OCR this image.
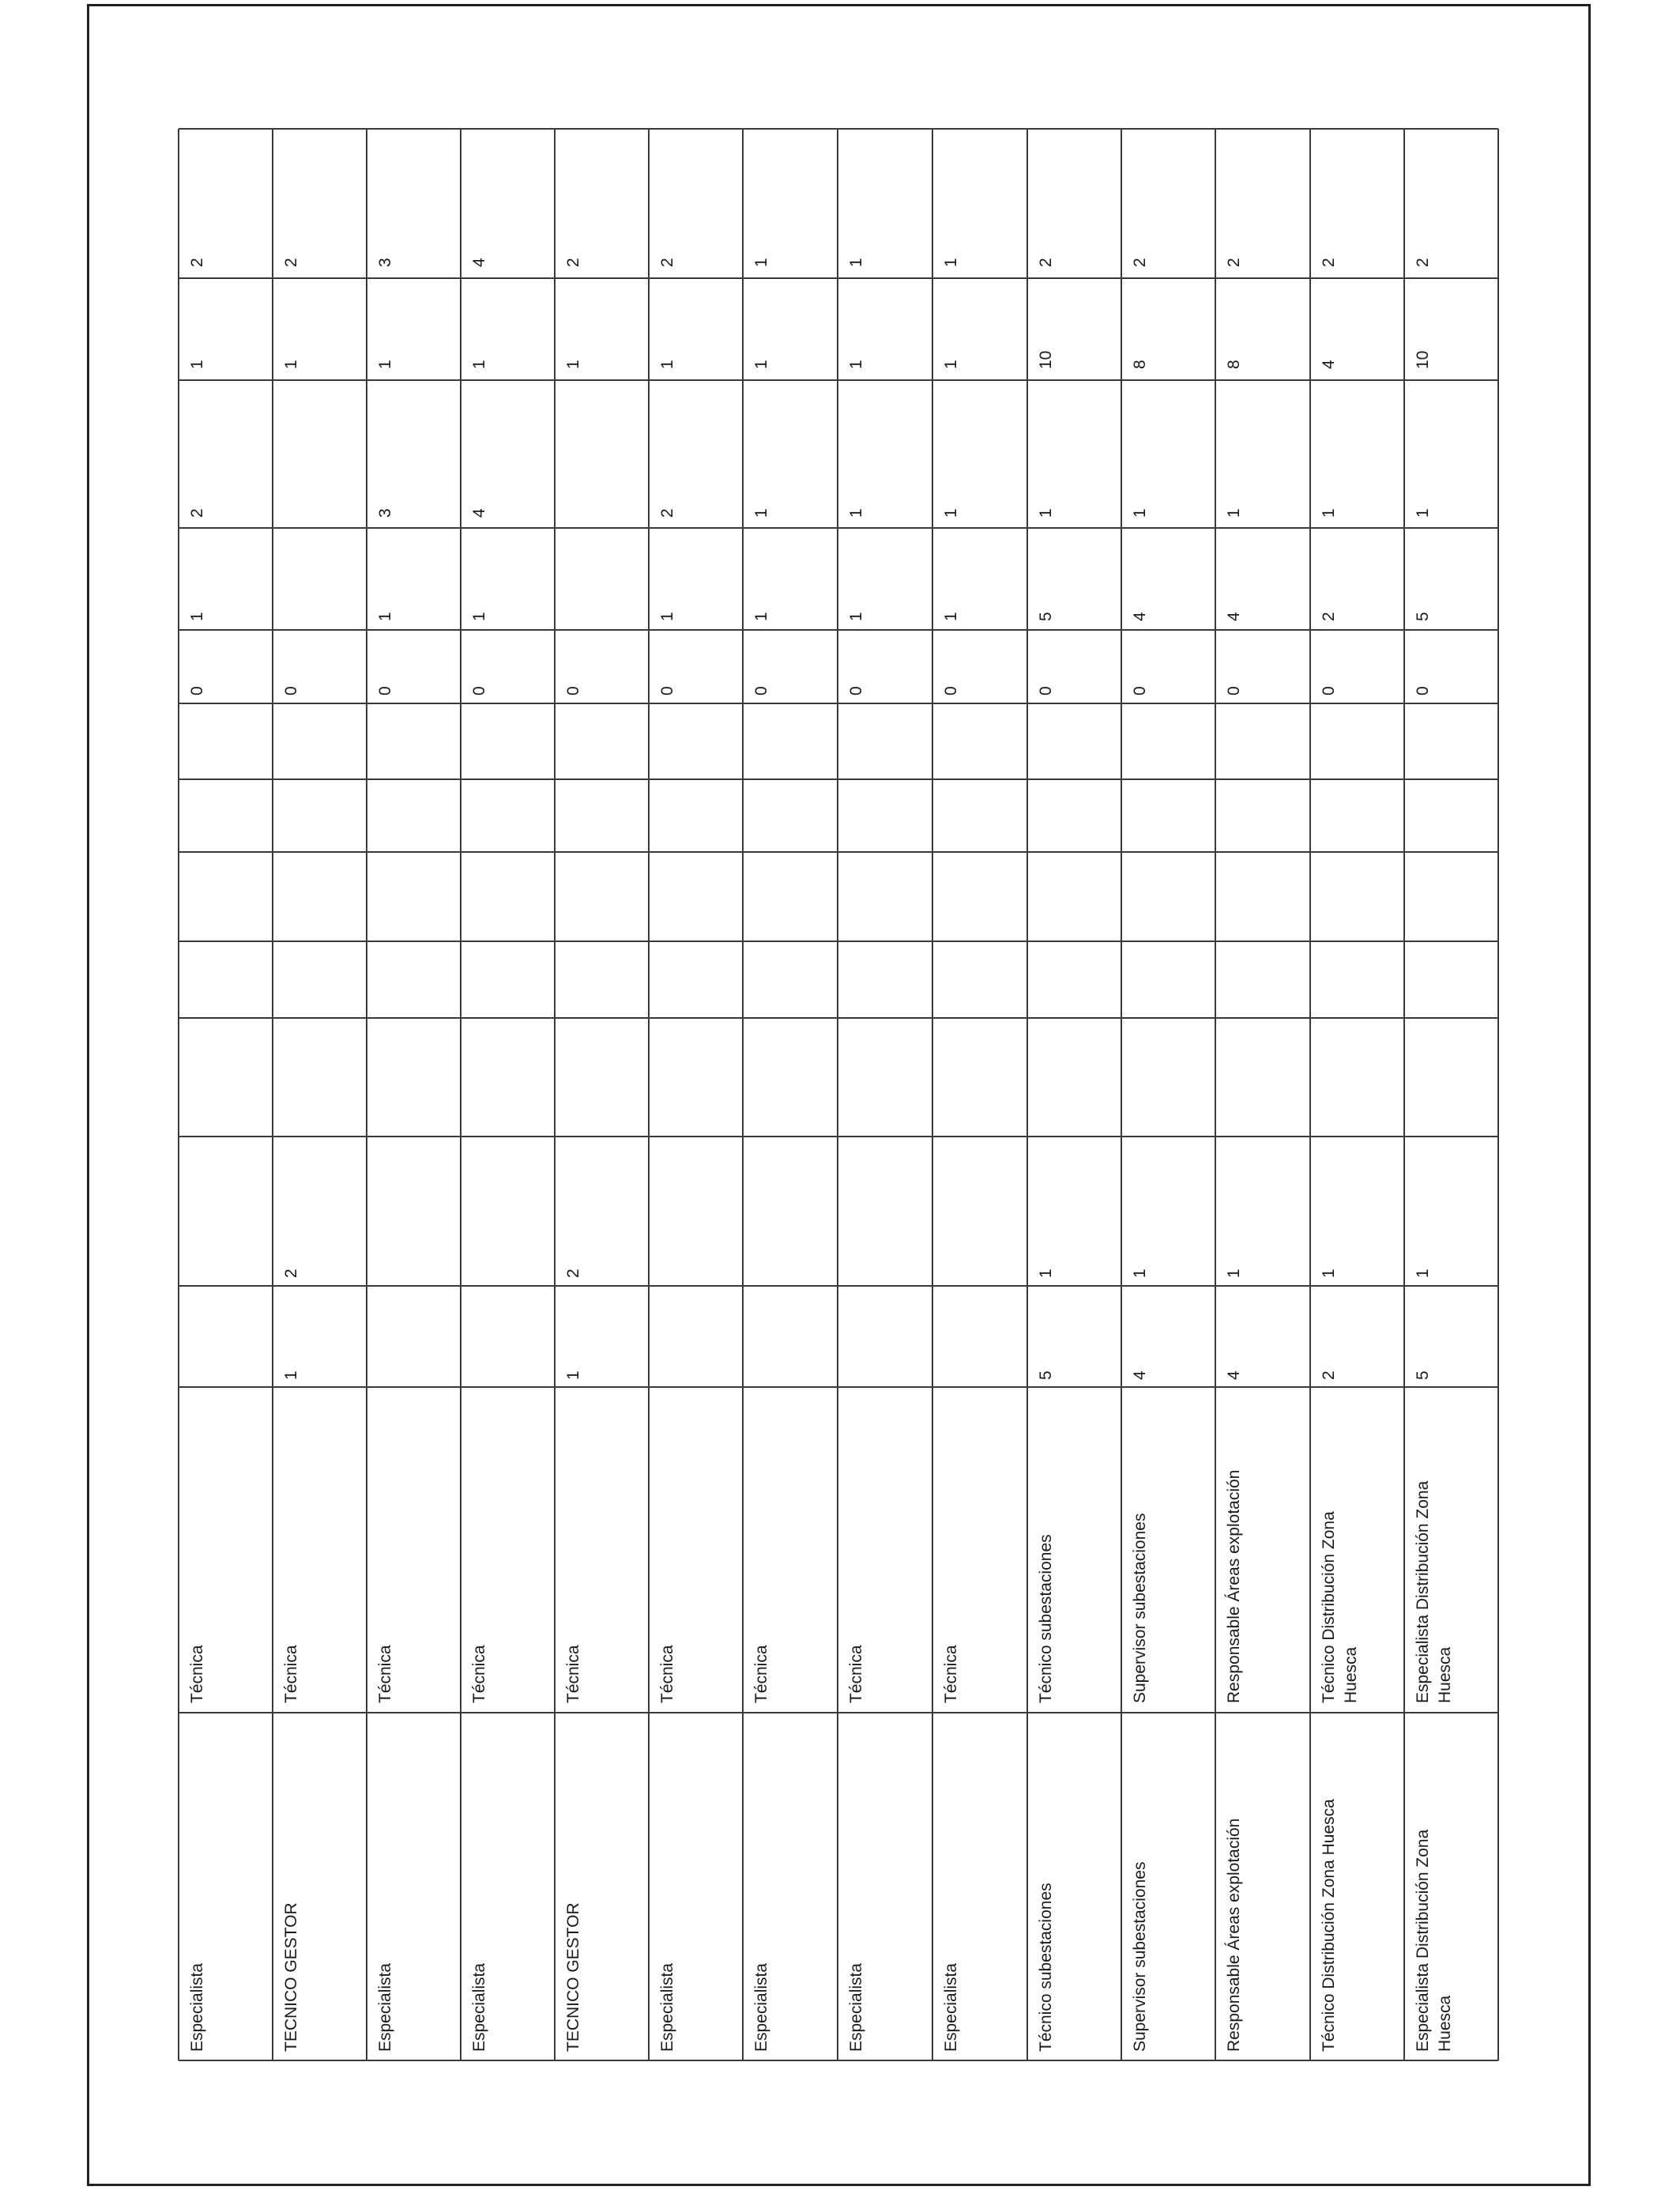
Especialista
Técnica
0
1
2
1
2
TECNICO GESTOR
Técnica
1
2
0
1
2
Especialista
Técnica
0
1
3
1
3
Especialista
Técnica
0
1
4
1
4
TECNICO GESTOR
Técnica
1
2
0
1
2
Especialista
Técnica
0
1
2
1
2
Especialista
Técnica
0
1
1
1
1
Especialista
Técnica
0
1
1
1
1
Especialista
Técnica
0
1
1
1
1
Técnico subestaciones
Técnico subestaciones
5
1
0
5
1
10
2
Supervisor subestaciones
Supervisor subestaciones
4
1
0
4
1
8
2
Responsable Áreas explotación
Responsable Áreas explotación
4
1
0
4
1
8
2
Técnico Distribución Zona Huesca
Técnico Distribución Zona Huesca
2
1
0
2
1
4
2
Especialista Distribución Zona Huesca
Especialista Distribución Zona Huesca
5
1
0
5
1
10
2
